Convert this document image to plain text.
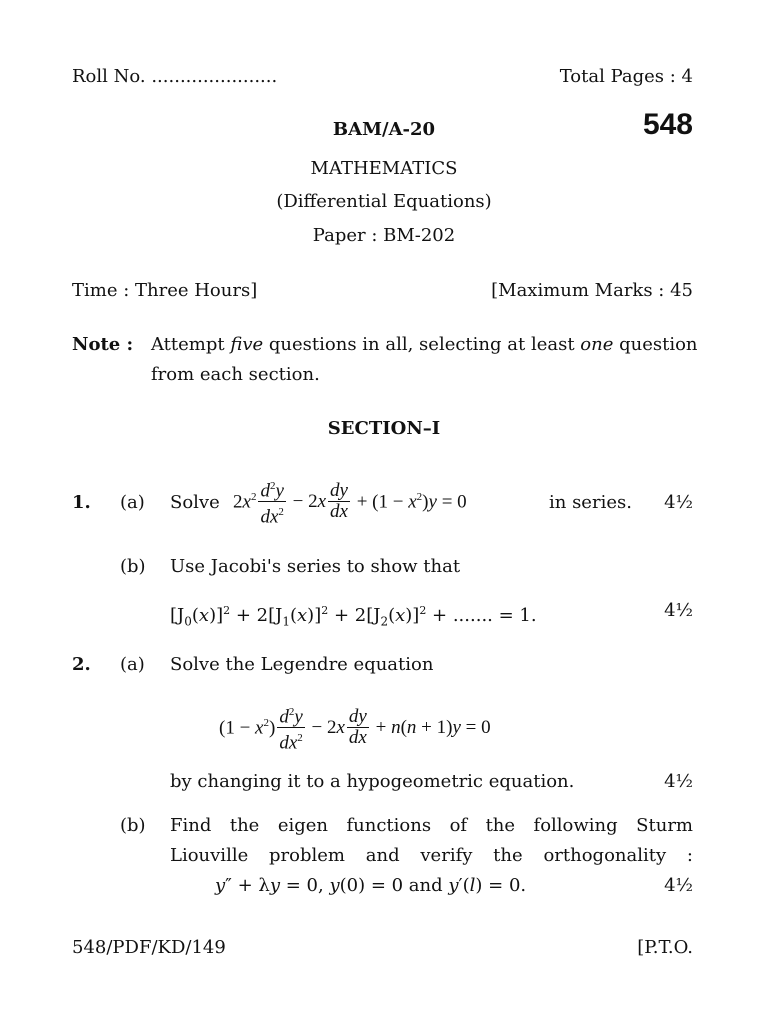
Roll No. ......................	Total Pages : 4
BAM/A-20	548
MATHEMATICS
(Differential Equations)
Paper : BM-202
Time : Three Hours]	[Maximum Marks : 45
Note : Attempt five questions in all, selecting at least one question
from each section.
SECTION–I
1. (a) Solve $2x^2 \frac{d^2y}{dx^2} - 2x \frac{dy}{dx} + (1 - x^2)y = 0$	in series. 4½
(b) Use Jacobi's series to show that
$[J_0(x)]^2 + 2[J_1(x)]^2 + 2[J_2(x)]^2$ + ....... = 1.	4½
2. (a) Solve the Legendre equation
$(1 - x^2) \frac{d^2y}{dx^2} - 2x \frac{dy}{dx} + n(n + 1)y = 0$
by changing it to a hypogeometric equation.	4½
(b) Find the eigen functions of the following Sturm
Liouville problem and verify the orthogonality :
y″ + λy = 0, y(0) = 0 and y′(l) = 0.	4½
548/PDF/KD/149	[P.T.O.
